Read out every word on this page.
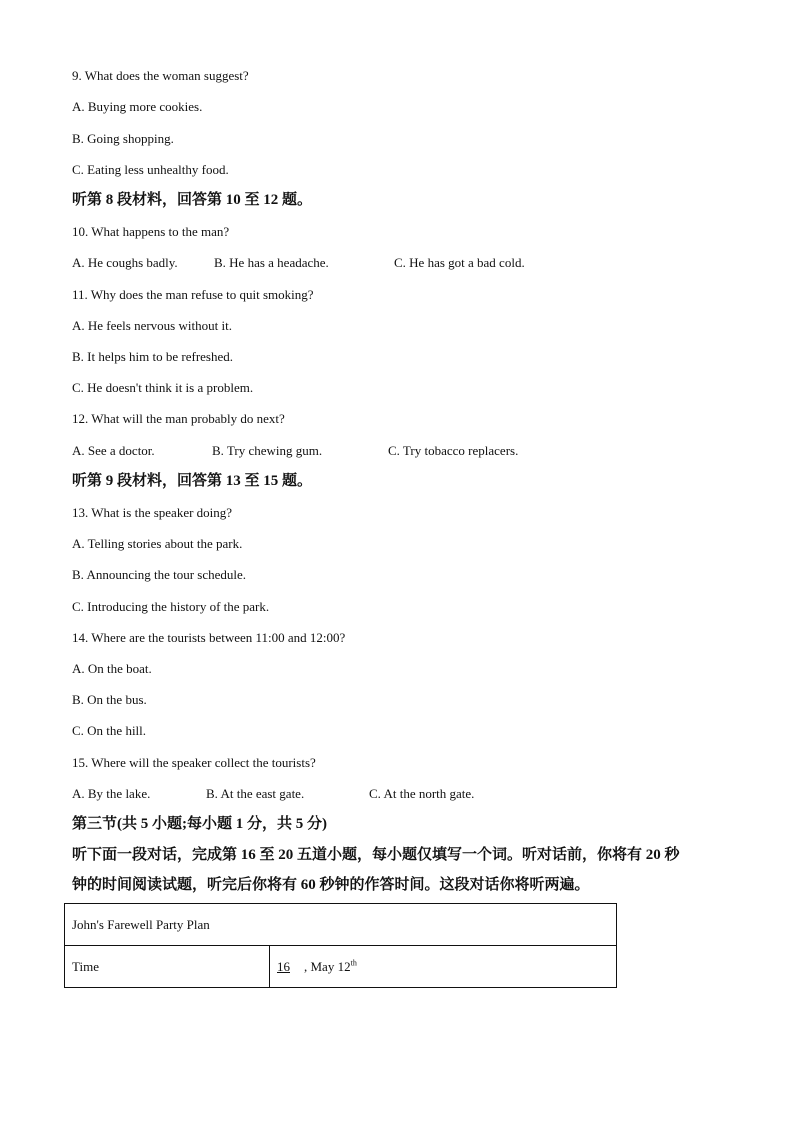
9. What does the woman suggest?
A. Buying more cookies.
B. Going shopping.
C. Eating less unhealthy food.
听第 8 段材料，回答第 10 至 12 题。
10. What happens to the man?
A. He coughs badly.	B. He has a headache.	C. He has got a bad cold.
11. Why does the man refuse to quit smoking?
A. He feels nervous without it.
B. It helps him to be refreshed.
C. He doesn't think it is a problem.
12. What will the man probably do next?
A. See a doctor.	B. Try chewing gum.	C. Try tobacco replacers.
听第 9 段材料，回答第 13 至 15 题。
13. What is the speaker doing?
A. Telling stories about the park.
B. Announcing the tour schedule.
C. Introducing the history of the park.
14. Where are the tourists between 11:00 and 12:00?
A. On the boat.
B. On the bus.
C. On the hill.
15. Where will the speaker collect the tourists?
A. By the lake.	B. At the east gate.	C. At the north gate.
第三节(共 5 小题;每小题 1 分，共 5 分)
听下面一段对话，完成第 16 至 20 五道小题，每小题仅填写一个词。听对话前，你将有 20 秒
钟的时间阅读试题，听完后你将有 60 秒钟的作答时间。这段对话你将听两遍。
John's Farewell Party Plan
Time	16 , May 12th
